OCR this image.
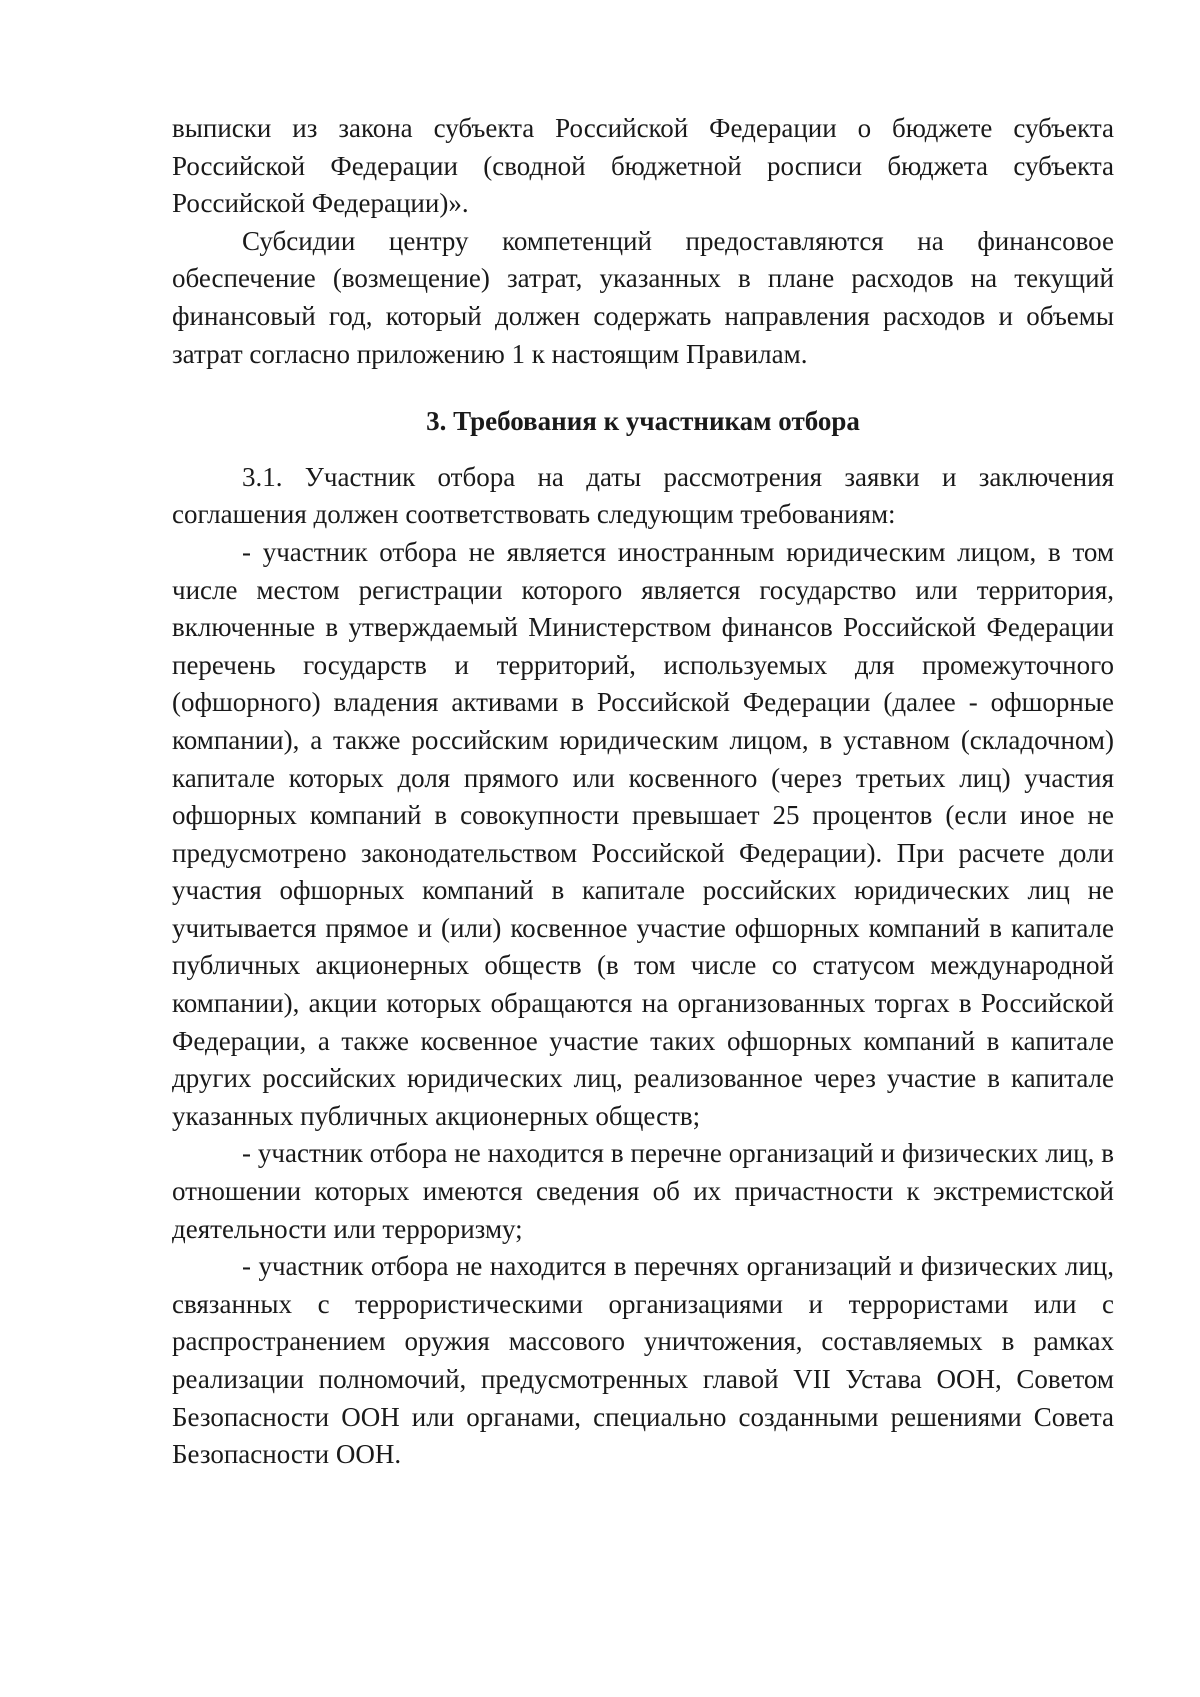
выписки из закона субъекта Российской Федерации о бюджете субъекта Российской Федерации (сводной бюджетной росписи бюджета субъекта Российской Федерации)».

Субсидии центру компетенций предоставляются на финансовое обеспечение (возмещение) затрат, указанных в плане расходов на текущий финансовый год, который должен содержать направления расходов и объемы затрат согласно приложению 1 к настоящим Правилам.

3. Требования к участникам отбора

3.1. Участник отбора на даты рассмотрения заявки и заключения соглашения должен соответствовать следующим требованиям:

- участник отбора не является иностранным юридическим лицом, в том числе местом регистрации которого является государство или территория, включенные в утверждаемый Министерством финансов Российской Федерации перечень государств и территорий, используемых для промежуточного (офшорного) владения активами в Российской Федерации (далее - офшорные компании), а также российским юридическим лицом, в уставном (складочном) капитале которых доля прямого или косвенного (через третьих лиц) участия офшорных компаний в совокупности превышает 25 процентов (если иное не предусмотрено законодательством Российской Федерации). При расчете доли участия офшорных компаний в капитале российских юридических лиц не учитывается прямое и (или) косвенное участие офшорных компаний в капитале публичных акционерных обществ (в том числе со статусом международной компании), акции которых обращаются на организованных торгах в Российской Федерации, а также косвенное участие таких офшорных компаний в капитале других российских юридических лиц, реализованное через участие в капитале указанных публичных акционерных обществ;

- участник отбора не находится в перечне организаций и физических лиц, в отношении которых имеются сведения об их причастности к экстремистской деятельности или терроризму;

- участник отбора не находится в перечнях организаций и физических лиц, связанных с террористическими организациями и террористами или с распространением оружия массового уничтожения, составляемых в рамках реализации полномочий, предусмотренных главой VII Устава ООН, Советом Безопасности ООН или органами, специально созданными решениями Совета Безопасности ООН.
